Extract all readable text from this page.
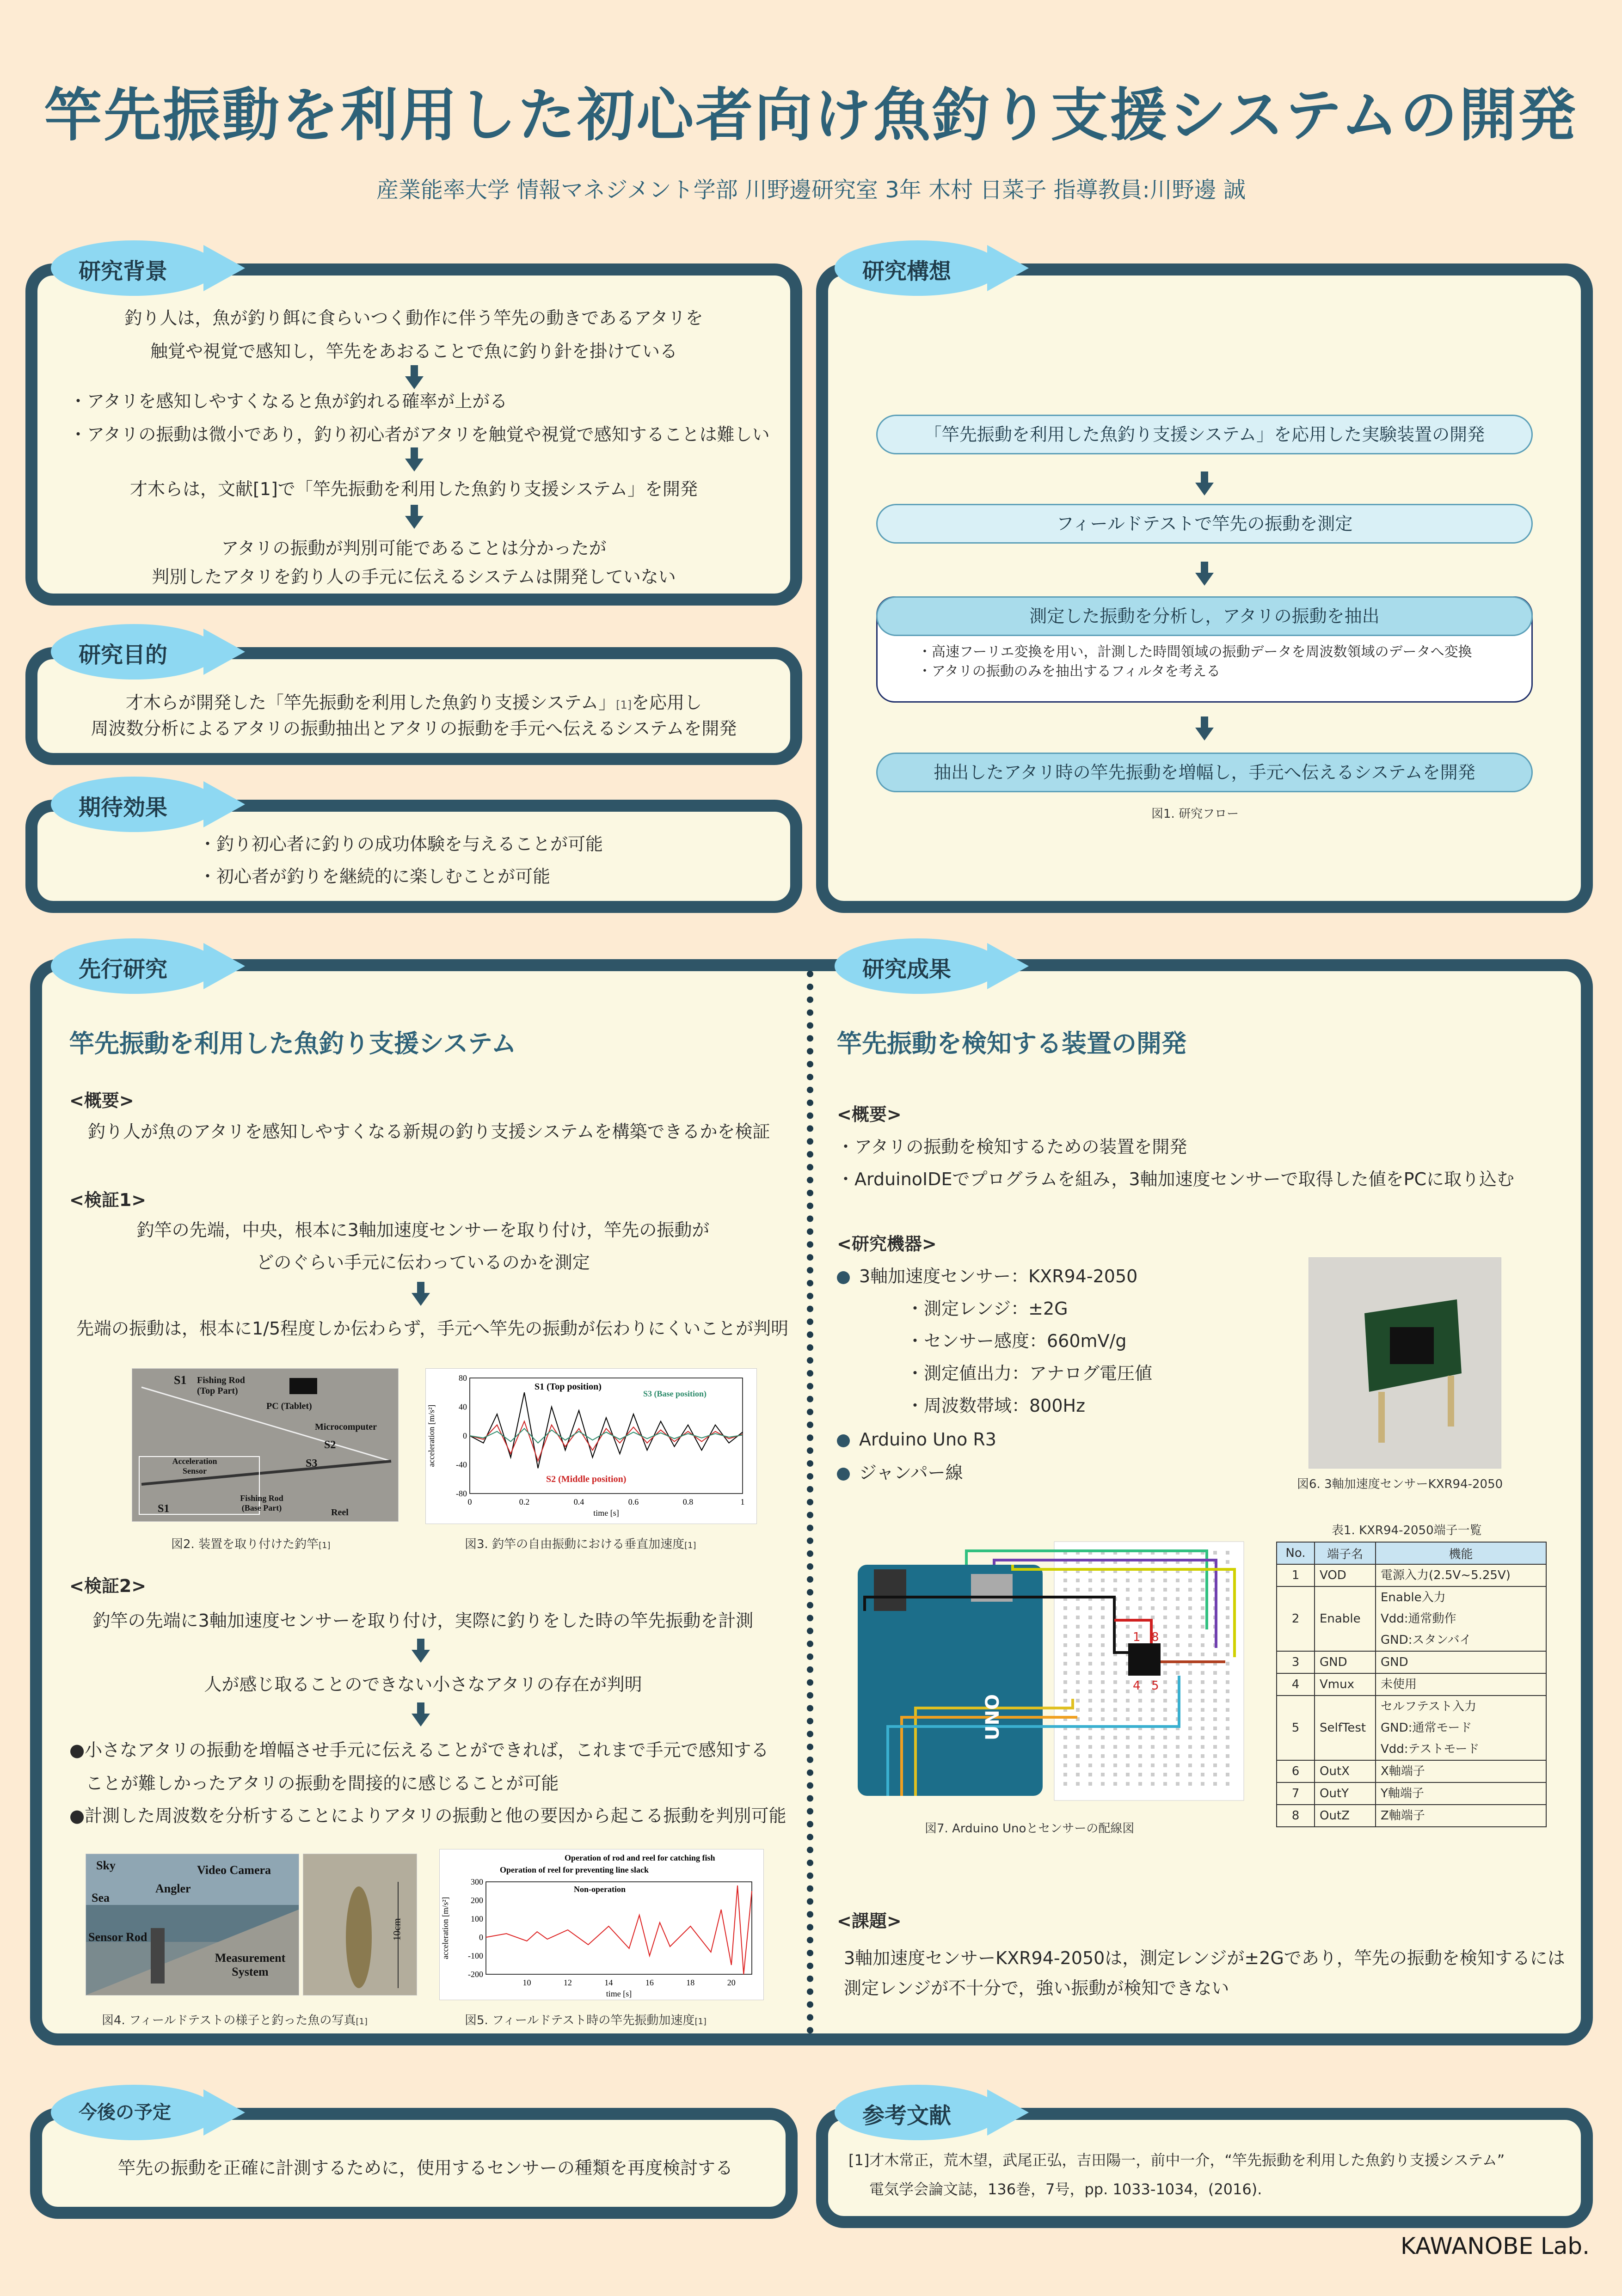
竿先振動を利用した初心者向け魚釣り支援システムの開発
産業能率大学 情報マネジメント学部 川野邊研究室 3年 木村 日菜子 指導教員:川野邊 誠
研究背景
釣り人は，魚が釣り餌に食らいつく動作に伴う竿先の動きであるアタリを
触覚や視覚で感知し，竿先をあおることで魚に釣り針を掛けている
・アタリを感知しやすくなると魚が釣れる確率が上がる
・アタリの振動は微小であり，釣り初心者がアタリを触覚や視覚で感知することは難しい
才木らは，文献[1]で「竿先振動を利用した魚釣り支援システム」を開発
アタリの振動が判別可能であることは分かったが
判別したアタリを釣り人の手元に伝えるシステムは開発していない
研究目的
才木らが開発した「竿先振動を利用した魚釣り支援システム」[1]を応用し
周波数分析によるアタリの振動抽出とアタリの振動を手元へ伝えるシステムを開発
期待効果
・釣り初心者に釣りの成功体験を与えることが可能
・初心者が釣りを継続的に楽しむことが可能
研究構想
「竿先振動を利用した魚釣り支援システム」を応用した実験装置の開発
フィールドテストで竿先の振動を測定
測定した振動を分析し，アタリの振動を抽出
・高速フーリエ変換を用い，計測した時間領域の振動データを周波数領域のデータへ変換
・アタリの振動のみを抽出するフィルタを考える
抽出したアタリ時の竿先振動を増幅し，手元へ伝えるシステムを開発
図1. 研究フロー
先行研究	研究成果
竿先振動を利用した魚釣り支援システム
<概要>
釣り人が魚のアタリを感知しやすくなる新規の釣り支援システムを構築できるかを検証
<検証1>
釣竿の先端，中央，根本に3軸加速度センサーを取り付け，竿先の振動が
どのぐらい手元に伝わっているのかを測定
先端の振動は，根本に1/5程度しか伝わらず，手元へ竿先の振動が伝わりにくいことが判明
S1 Fishing Rod (Top Part)
PC (Tablet)
Microcomputer
S2
S3
Acceleration Sensor
S1
Fishing Rod (Base Part)	Reel
図2. 装置を取り付けた釣竿[1]
0	0.2	0.4	0.6	0.8	1
80
40
0
-40
-80
time [s]
acceleration [m/s²]
S1 (Top position)
S3 (Base position)
S2 (Middle position)
図3. 釣竿の自由振動における垂直加速度[1]
<検証2>
釣竿の先端に3軸加速度センサーを取り付け，実際に釣りをした時の竿先振動を計測
人が感じ取ることのできない小さなアタリの存在が判明
●小さなアタリの振動を増幅させ手元に伝えることができれば，これまで手元で感知する
ことが難しかったアタリの振動を間接的に感じることが可能
●計測した周波数を分析することによりアタリの振動と他の要因から起こる振動を判別可能
Sky	Video Camera
Angler
Sea
Sensor Rod
Measurement System
10cm
図4. フィールドテストの様子と釣った魚の写真[1]
10	12	14	16	18	20
300
200
100
0
-100
-200
time [s]
acceleration [m/s²]
Operation of rod and reel for catching fish
Operation of reel for preventing line slack
Non-operation
図5. フィールドテスト時の竿先振動加速度[1]
竿先振動を検知する装置の開発
<概要>
・アタリの振動を検知するための装置を開発
・ArduinoIDEでプログラムを組み，3軸加速度センサーで取得した値をPCに取り込む
<研究機器>
3軸加速度センサー：KXR94-2050
・測定レンジ：±2G
・センサー感度：660mV/g
・測定値出力：アナログ電圧値
・周波数帯域：800Hz
Arduino Uno R3
ジャンパー線
図6. 3軸加速度センサーKXR94-2050
表1. KXR94-2050端子一覧
No.	端子名	機能

1	VOD	電源入力(2.5V~5.25V)

2	Enable	Enable入力
Vdd:通常動作
GND:スタンバイ

3	GND	GND

4	Vmux	未使用

5	SelfTest	セルフテスト入力
GND:通常モード
Vdd:テストモード

6	OutX	X軸端子

7	OutY	Y軸端子

8	OutZ	Z軸端子
1 8
4 5
UNO
図7. Arduino Unoとセンサーの配線図
<課題>
3軸加速度センサーKXR94-2050は，測定レンジが±2Gであり，竿先の振動を検知するには
測定レンジが不十分で，強い振動が検知できない
今後の予定
竿先の振動を正確に計測するために，使用するセンサーの種類を再度検討する
参考文献
[1]才木常正，荒木望，武尾正弘，吉田陽一，前中一介，“竿先振動を利用した魚釣り支援システム”
電気学会論文誌，136巻，7号，pp. 1033-1034，(2016).
KAWANOBE Lab.
